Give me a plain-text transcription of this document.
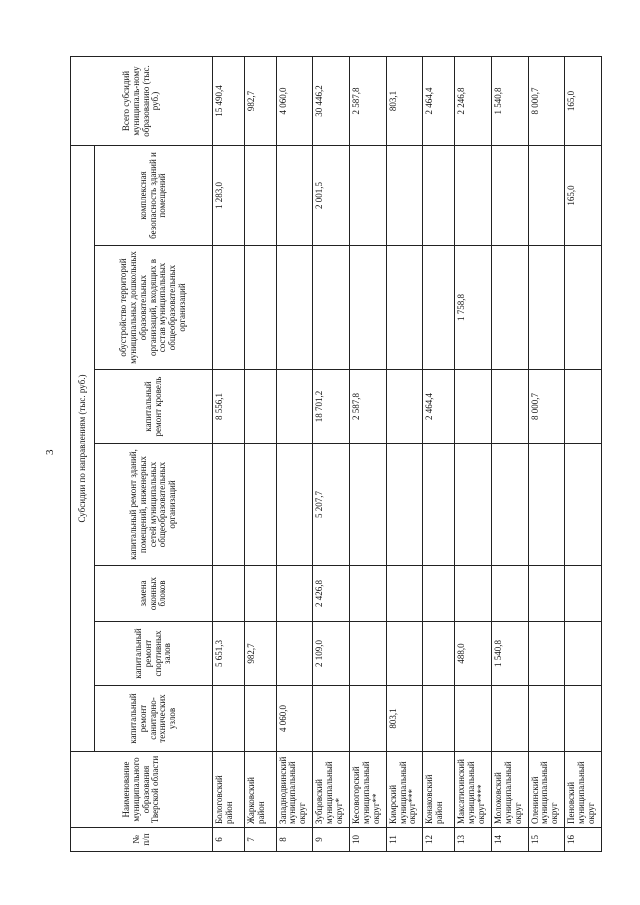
3
№ п/п	Наименование муниципального образования Тверской области	Субсидии по направлениям (тыс. руб.)							Всего субсидий муниципаль-ному образованию (тыс. руб.)
		капитальный ремонт санитарно-технических узлов	капитальный ремонт спортивных залов	замена оконных блоков	капитальный ремонт зданий, помещений, инженерных сетей муниципальных общеобразовательных организаций	капитальный ремонт кровель	обустройство территорий муниципальных дошкольных образовательных организаций, входящих в состав муниципальных общеобразовательных организаций	комплексная безопасность зданий и помещений	
6	Бологовский район		5 651,3			8 556,1		1 283,0	15 490,4
7	Жарковский район		982,7						982,7
8	Западнодвинский муниципальный округ	4 060,0							4 060,0
9	Зубцовский муниципальный округ*		2 109,0	2 426,8	5 207,7	18 701,2		2 001,5	30 446,2
10	Кесовогорский муниципальный округ**					2 587,8			2 587,8
11	Кимрский муниципальный округ***	803,1							803,1
12	Конаковский район					2 464,4			2 464,4
13	Максатихинский муниципальный округ****		488,0				1 758,8		2 246,8
14	Молоковский муниципальный округ		1 540,8						1 540,8
15	Оленинский муниципальный округ					8 000,7			8 000,7
16	Пеновский муниципальный округ							165,0	165,0
